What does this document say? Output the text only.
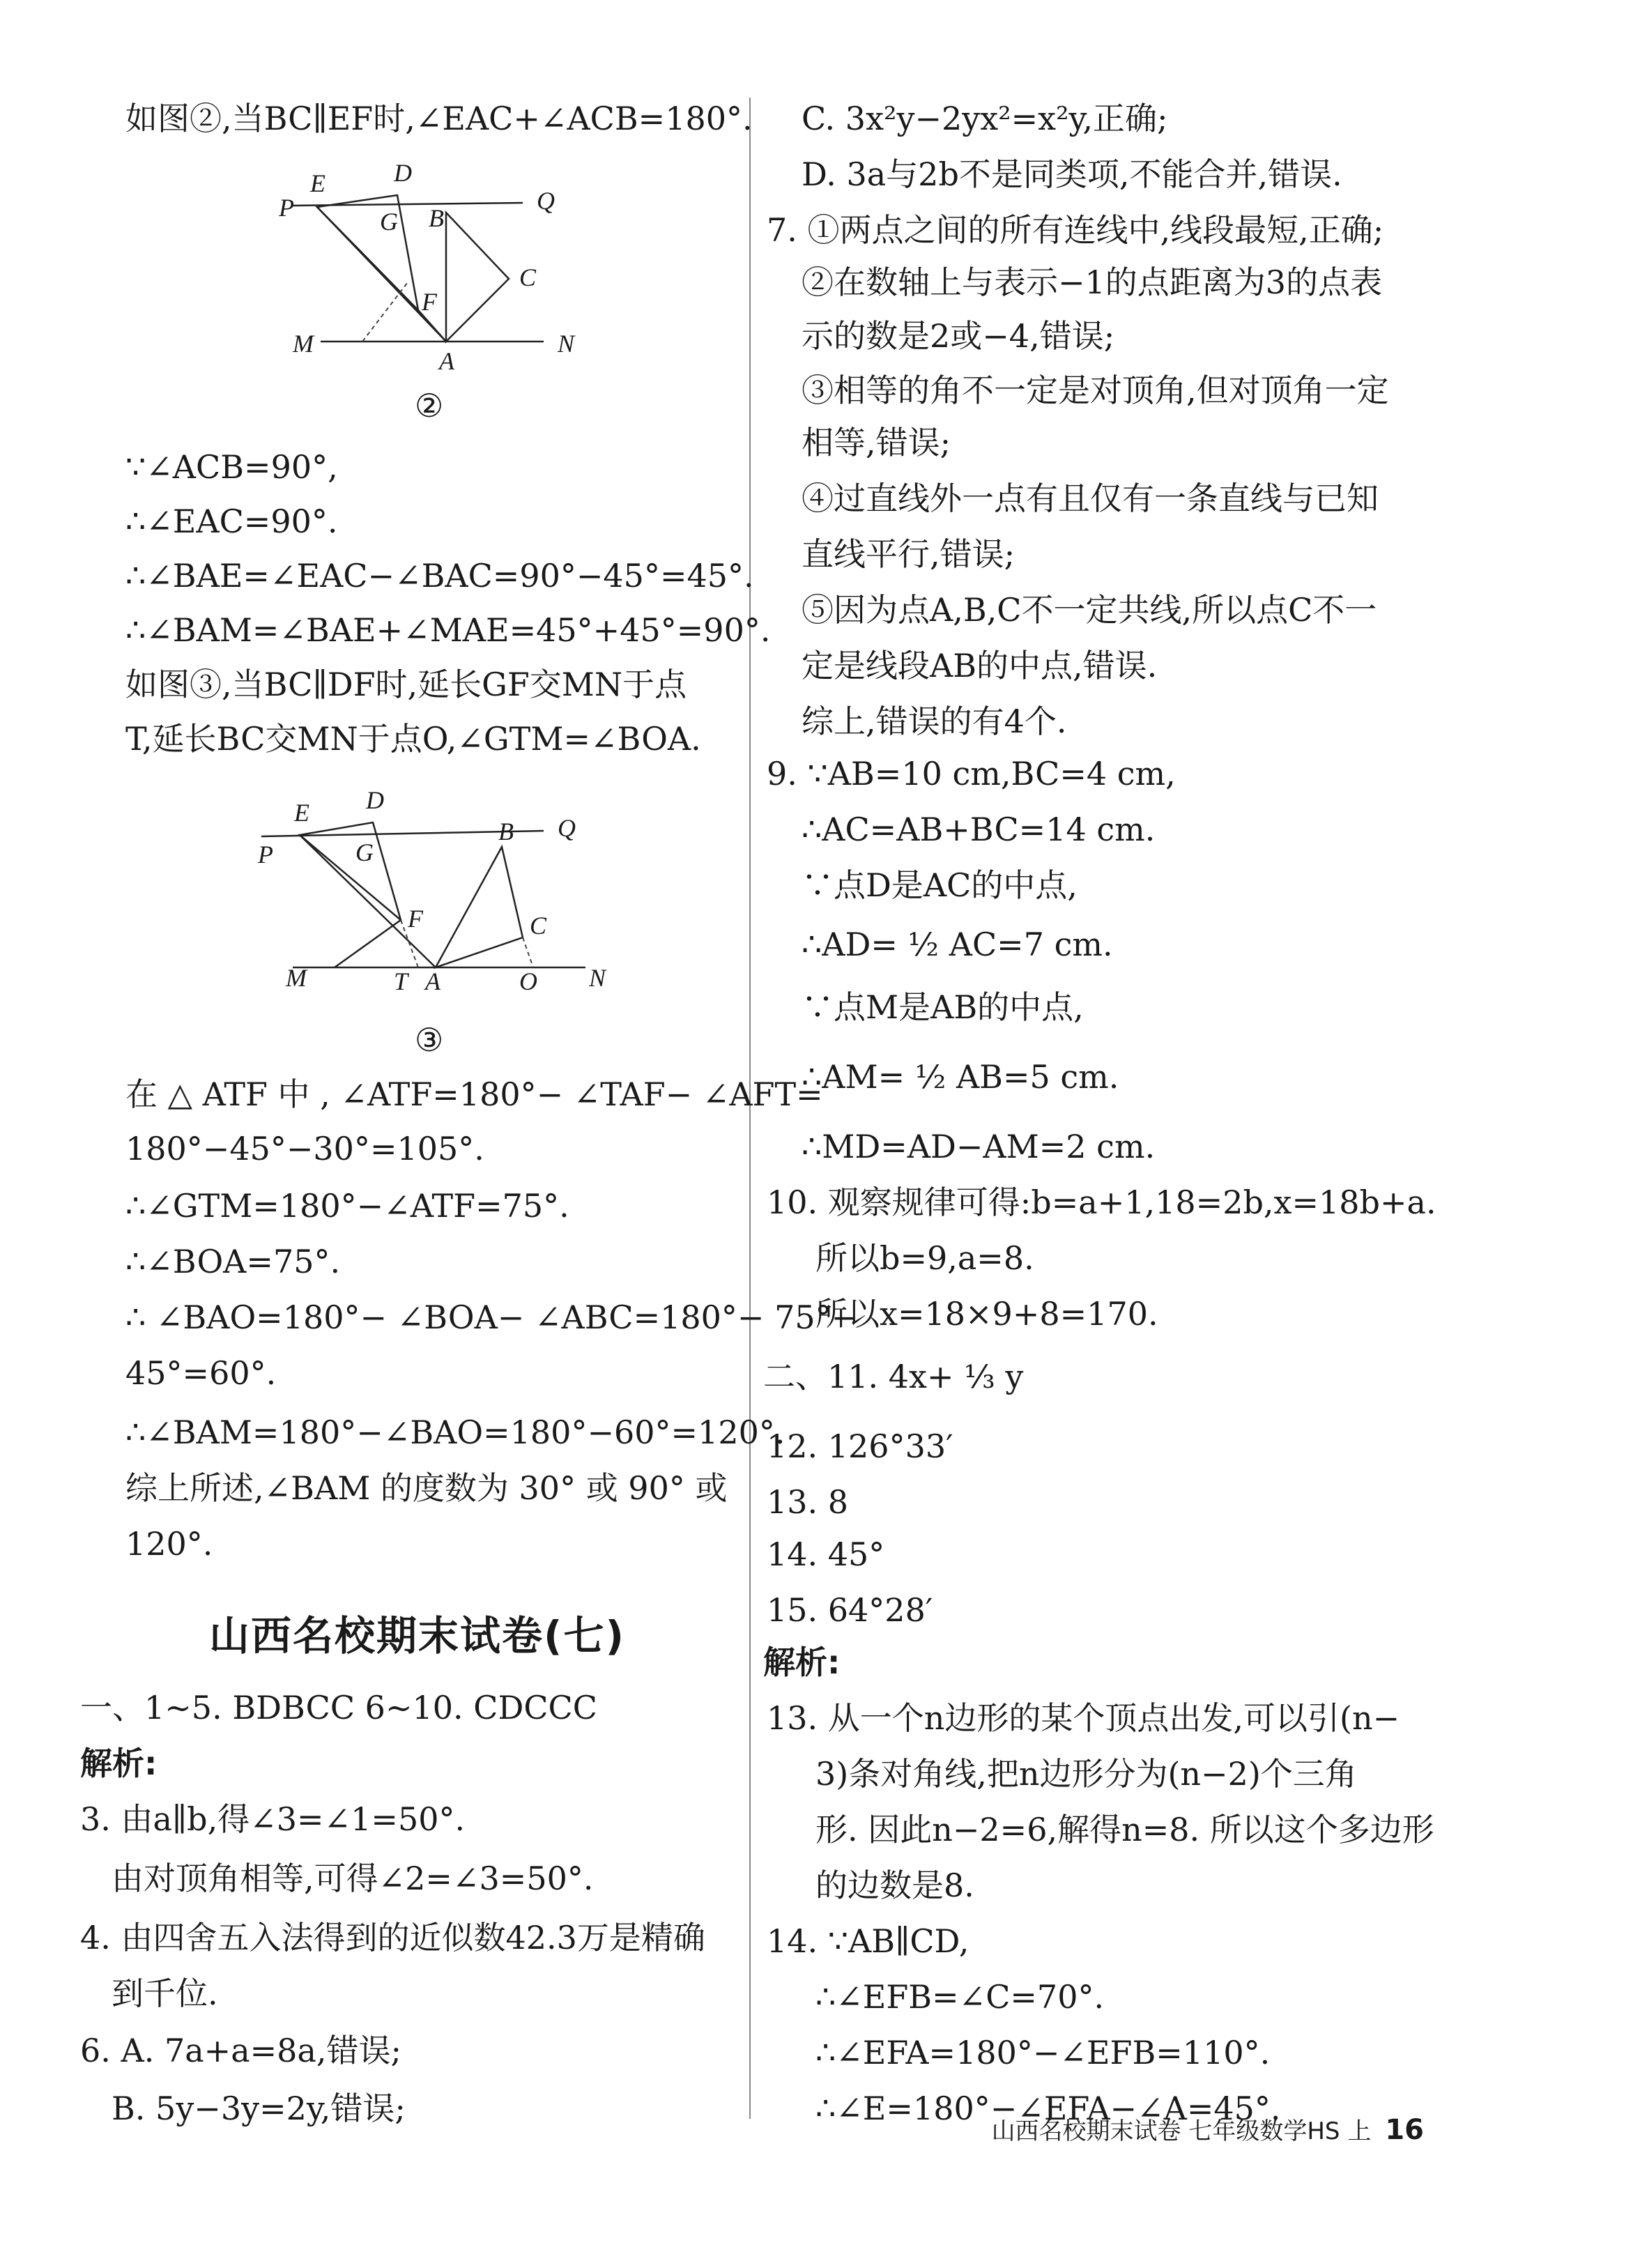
如图②,当BC∥EF时,∠EAC+∠ACB=180°.
E	D
P	G B
Q
C
F
M
A
N
②
∵∠ACB=90°,
∴∠EAC=90°.
∴∠BAE=∠EAC−∠BAC=90°−45°=45°.
∴∠BAM=∠BAE+∠MAE=45°+45°=90°.
如图③,当BC∥DF时,延长GF交MN于点
T,延长BC交MN于点O,∠GTM=∠BOA.
E D
Q
P	G
B
F	C
M	T A	O N
③
在 △ ATF 中 , ∠ATF=180°− ∠TAF− ∠AFT=
180°−45°−30°=105°.
∴∠GTM=180°−∠ATF=75°.
∴∠BOA=75°.
∴ ∠BAO=180°− ∠BOA− ∠ABC=180°− 75°−
45°=60°.
∴∠BAM=180°−∠BAO=180°−60°=120°.
综上所述,∠BAM 的度数为 30° 或 90° 或
120°.
山西名校期末试卷(七)
一、1~5. BDBCC 6~10. CDCCC
解析:
3. 由a∥b,得∠3=∠1=50°.
由对顶角相等,可得∠2=∠3=50°.
4. 由四舍五入法得到的近似数42.3万是精确
到千位.
6. A. 7a+a=8a,错误;
B. 5y−3y=2y,错误;
C. 3x²y−2yx²=x²y,正确;
D. 3a与2b不是同类项,不能合并,错误.
7. ①两点之间的所有连线中,线段最短,正确;
②在数轴上与表示−1的点距离为3的点表
示的数是2或−4,错误;
③相等的角不一定是对顶角,但对顶角一定
相等,错误;
④过直线外一点有且仅有一条直线与已知
直线平行,错误;
⑤因为点A,B,C不一定共线,所以点C不一
定是线段AB的中点,错误.
综上,错误的有4个.
9. ∵AB=10 cm,BC=4 cm,
∴AC=AB+BC=14 cm.
∵点D是AC的中点,
∴AD= ½ AC=7 cm.
∵点M是AB的中点,
∴AM= ½ AB=5 cm.
∴MD=AD−AM=2 cm.
10. 观察规律可得:b=a+1,18=2b,x=18b+a.
所以b=9,a=8.
所以x=18×9+8=170.
二、11. 4x+ ⅓ y
12. 126°33′
13. 8
14. 45°
15. 64°28′
解析:
13. 从一个n边形的某个顶点出发,可以引(n−
3)条对角线,把n边形分为(n−2)个三角
形. 因此n−2=6,解得n=8. 所以这个多边形
的边数是8.
14. ∵AB∥CD,
∴∠EFB=∠C=70°.
∴∠EFA=180°−∠EFB=110°.
∴∠E=180°−∠EFA−∠A=45°.
山西名校期末试卷 七年级数学HS 上 16
